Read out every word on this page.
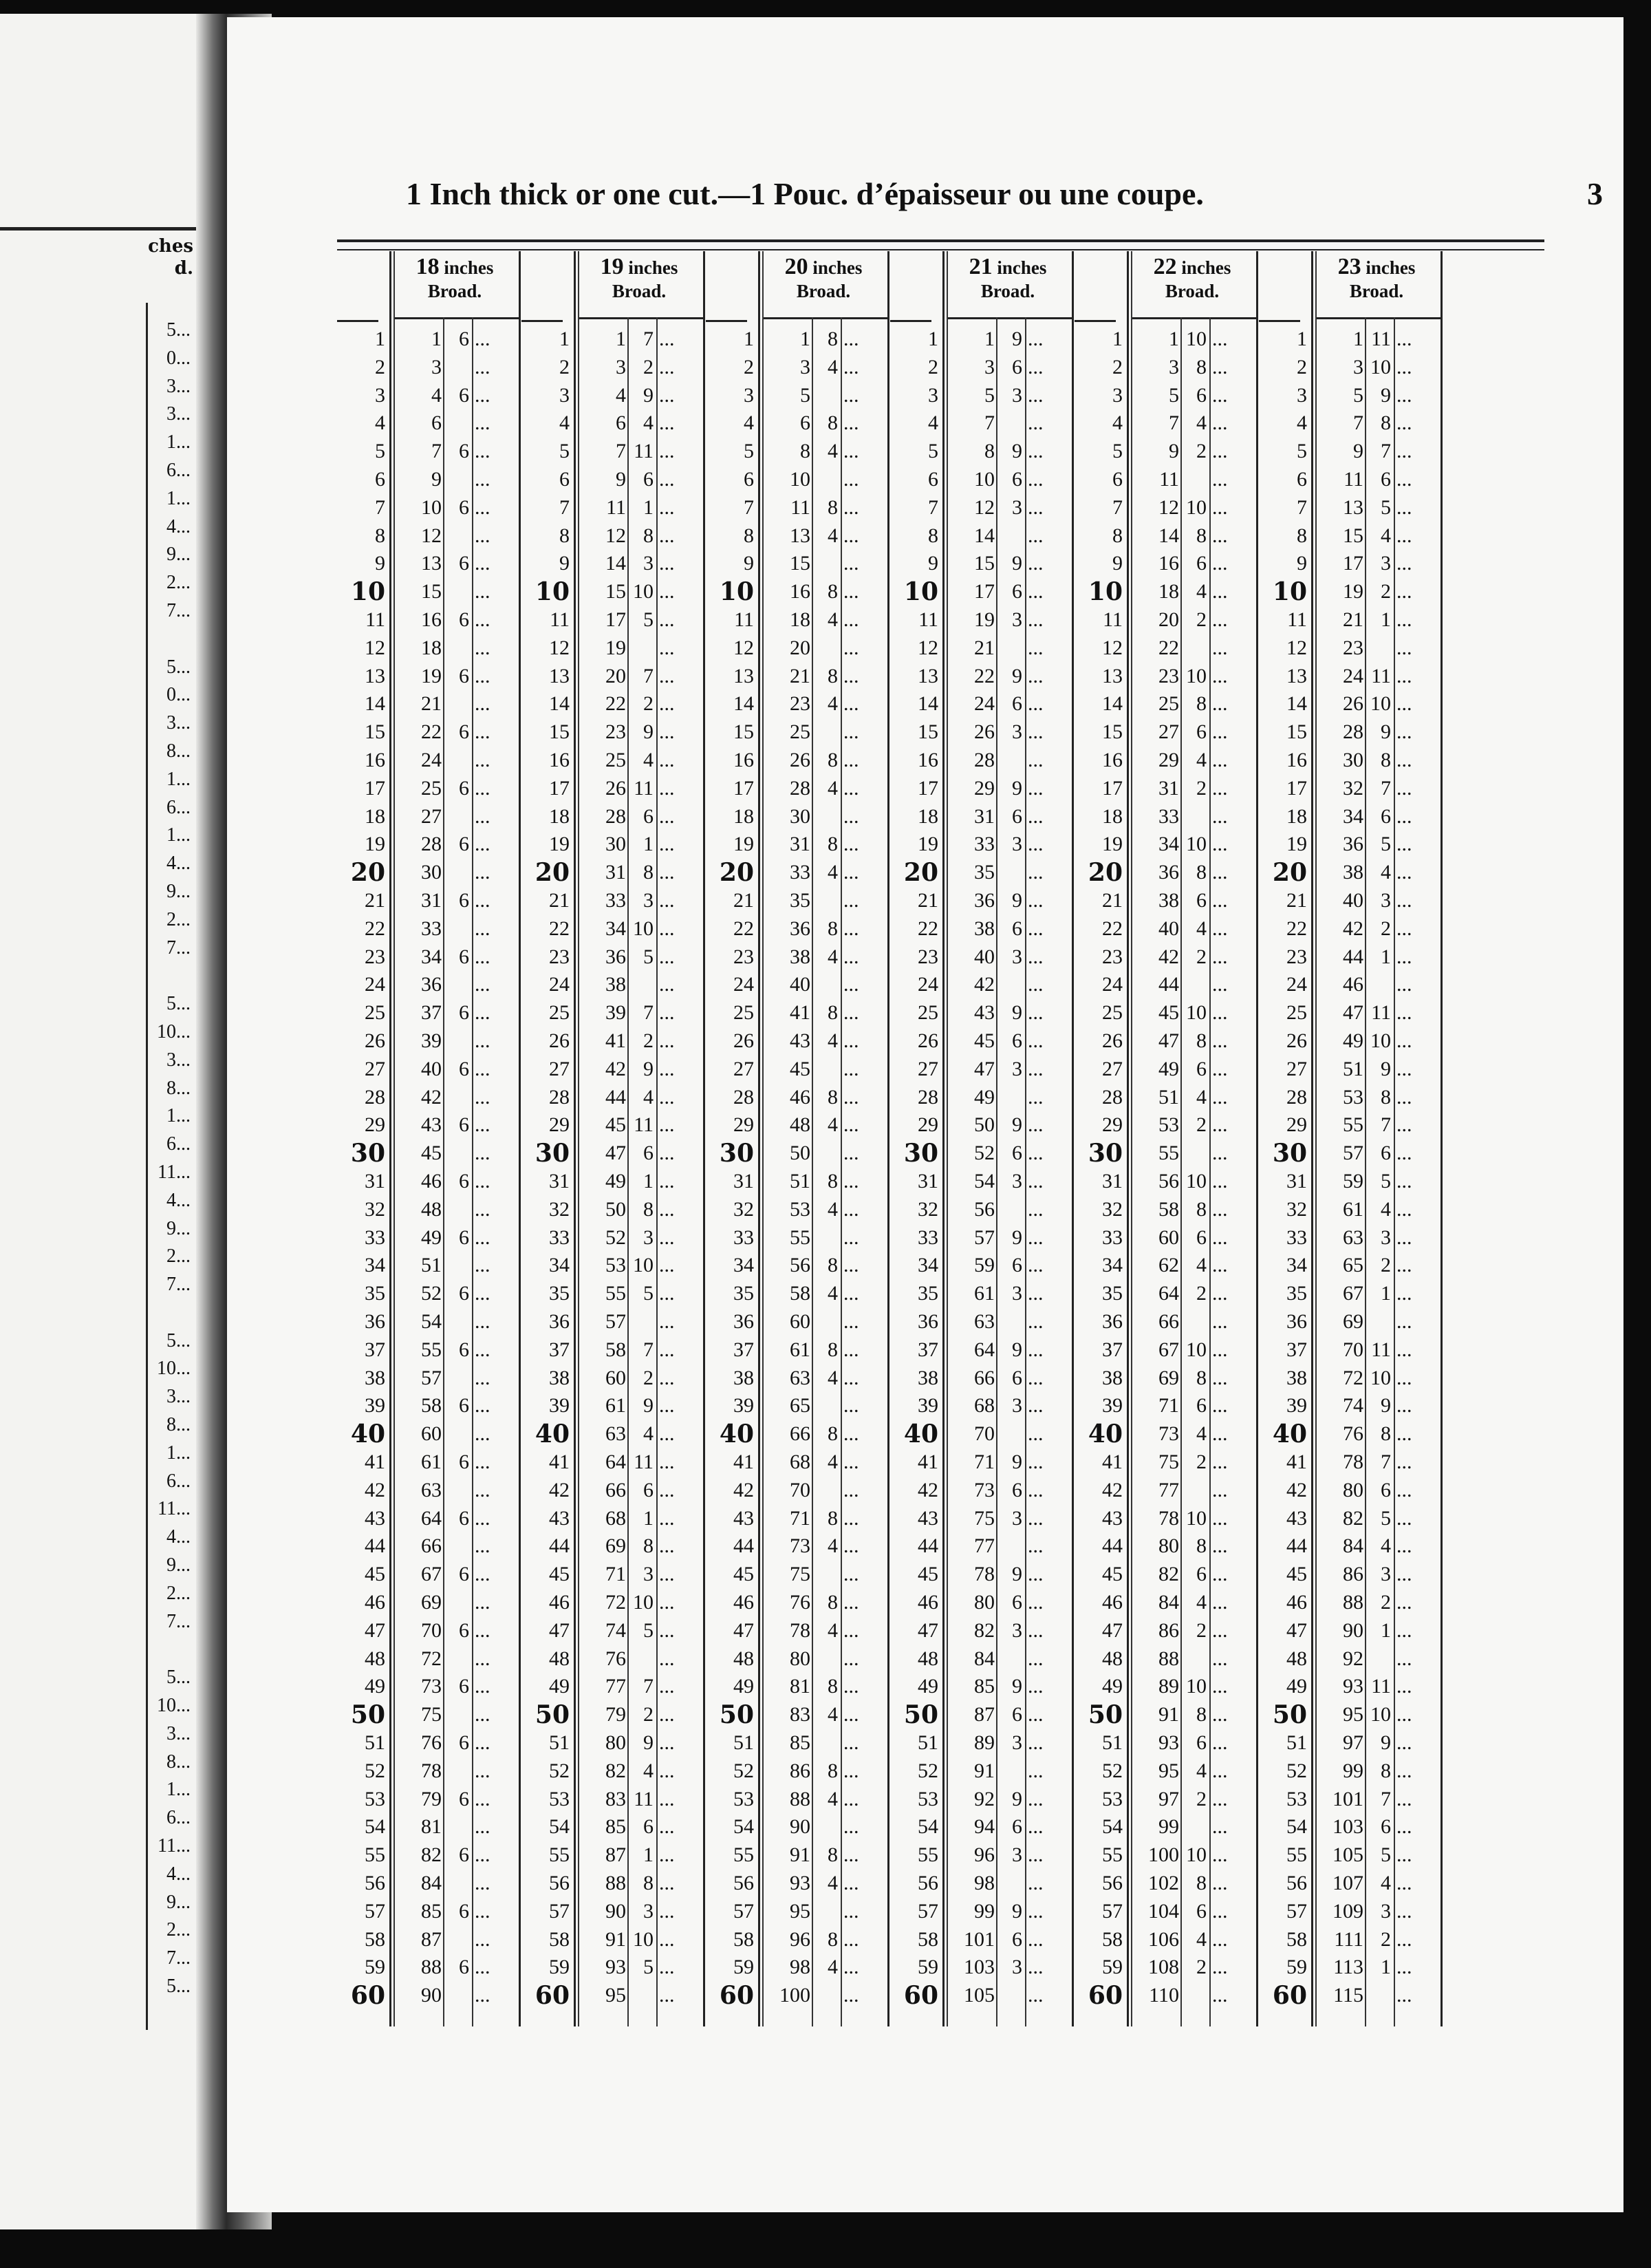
ches
d.
5...
0...
3...
3...
1...
6...
1...
4...
9...
2...
7...
5...
0...
3...
8...
1...
6...
1...
4...
9...
2...
7...
5...
10...
3...
8...
1...
6...
11...
4...
9...
2...
7...
5...
10...
3...
8...
1...
6...
11...
4...
9...
2...
7...
5...
10...
3...
8...
1...
6...
11...
4...
9...
2...
7...
5...
1 Inch thick or one cut.—1 Pouc. d’épaisseur ou une coupe.	3
1
2
3
4
5
6
7
8
9
10
11
12
13
14
15
16
17
18
19
20
21
22
23
24
25
26
27
28
29
30
31
32
33
34
35
36
37
38
39
40
41
42
43
44
45
46
47
48
49
50
51
52
53
54
55
56
57
58
59
60
18 inches
Broad.
1 6 ...
3 ...
4 6 ...
6 ...
7 6 ...
9 ...
10 6 ...
12 ...
13 6 ...
15 ...
16 6 ...
18 ...
19 6 ...
21 ...
22 6 ...
24 ...
25 6 ...
27 ...
28 6 ...
30 ...
31 6 ...
33 ...
34 6 ...
36 ...
37 6 ...
39 ...
40 6 ...
42 ...
43 6 ...
45 ...
46 6 ...
48 ...
49 6 ...
51 ...
52 6 ...
54 ...
55 6 ...
57 ...
58 6 ...
60 ...
61 6 ...
63 ...
64 6 ...
66 ...
67 6 ...
69 ...
70 6 ...
72 ...
73 6 ...
75 ...
76 6 ...
78 ...
79 6 ...
81 ...
82 6 ...
84 ...
85 6 ...
87 ...
88 6 ...
90 ...
1
2
3
4
5
6
7
8
9
10
11
12
13
14
15
16
17
18
19
20
21
22
23
24
25
26
27
28
29
30
31
32
33
34
35
36
37
38
39
40
41
42
43
44
45
46
47
48
49
50
51
52
53
54
55
56
57
58
59
60
19 inches
Broad.
1 7 ...
3 2 ...
4 9 ...
6 4 ...
7 11 ...
9 6 ...
11 1 ...
12 8 ...
14 3 ...
15 10 ...
17 5 ...
19 ...
20 7 ...
22 2 ...
23 9 ...
25 4 ...
26 11 ...
28 6 ...
30 1 ...
31 8 ...
33 3 ...
34 10 ...
36 5 ...
38 ...
39 7 ...
41 2 ...
42 9 ...
44 4 ...
45 11 ...
47 6 ...
49 1 ...
50 8 ...
52 3 ...
53 10 ...
55 5 ...
57 ...
58 7 ...
60 2 ...
61 9 ...
63 4 ...
64 11 ...
66 6 ...
68 1 ...
69 8 ...
71 3 ...
72 10 ...
74 5 ...
76 ...
77 7 ...
79 2 ...
80 9 ...
82 4 ...
83 11 ...
85 6 ...
87 1 ...
88 8 ...
90 3 ...
91 10 ...
93 5 ...
95 ...
1
2
3
4
5
6
7
8
9
10
11
12
13
14
15
16
17
18
19
20
21
22
23
24
25
26
27
28
29
30
31
32
33
34
35
36
37
38
39
40
41
42
43
44
45
46
47
48
49
50
51
52
53
54
55
56
57
58
59
60
20 inches
Broad.
1 8 ...
3 4 ...
5 ...
6 8 ...
8 4 ...
10 ...
11 8 ...
13 4 ...
15 ...
16 8 ...
18 4 ...
20 ...
21 8 ...
23 4 ...
25 ...
26 8 ...
28 4 ...
30 ...
31 8 ...
33 4 ...
35 ...
36 8 ...
38 4 ...
40 ...
41 8 ...
43 4 ...
45 ...
46 8 ...
48 4 ...
50 ...
51 8 ...
53 4 ...
55 ...
56 8 ...
58 4 ...
60 ...
61 8 ...
63 4 ...
65 ...
66 8 ...
68 4 ...
70 ...
71 8 ...
73 4 ...
75 ...
76 8 ...
78 4 ...
80 ...
81 8 ...
83 4 ...
85 ...
86 8 ...
88 4 ...
90 ...
91 8 ...
93 4 ...
95 ...
96 8 ...
98 4 ...
100 ...
1
2
3
4
5
6
7
8
9
10
11
12
13
14
15
16
17
18
19
20
21
22
23
24
25
26
27
28
29
30
31
32
33
34
35
36
37
38
39
40
41
42
43
44
45
46
47
48
49
50
51
52
53
54
55
56
57
58
59
60
21 inches
Broad.
1 9 ...
3 6 ...
5 3 ...
7 ...
8 9 ...
10 6 ...
12 3 ...
14 ...
15 9 ...
17 6 ...
19 3 ...
21 ...
22 9 ...
24 6 ...
26 3 ...
28 ...
29 9 ...
31 6 ...
33 3 ...
35 ...
36 9 ...
38 6 ...
40 3 ...
42 ...
43 9 ...
45 6 ...
47 3 ...
49 ...
50 9 ...
52 6 ...
54 3 ...
56 ...
57 9 ...
59 6 ...
61 3 ...
63 ...
64 9 ...
66 6 ...
68 3 ...
70 ...
71 9 ...
73 6 ...
75 3 ...
77 ...
78 9 ...
80 6 ...
82 3 ...
84 ...
85 9 ...
87 6 ...
89 3 ...
91 ...
92 9 ...
94 6 ...
96 3 ...
98 ...
99 9 ...
101 6 ...
103 3 ...
105 ...
1
2
3
4
5
6
7
8
9
10
11
12
13
14
15
16
17
18
19
20
21
22
23
24
25
26
27
28
29
30
31
32
33
34
35
36
37
38
39
40
41
42
43
44
45
46
47
48
49
50
51
52
53
54
55
56
57
58
59
60
22 inches
Broad.
1 10 ...
3 8 ...
5 6 ...
7 4 ...
9 2 ...
11 ...
12 10 ...
14 8 ...
16 6 ...
18 4 ...
20 2 ...
22 ...
23 10 ...
25 8 ...
27 6 ...
29 4 ...
31 2 ...
33 ...
34 10 ...
36 8 ...
38 6 ...
40 4 ...
42 2 ...
44 ...
45 10 ...
47 8 ...
49 6 ...
51 4 ...
53 2 ...
55 ...
56 10 ...
58 8 ...
60 6 ...
62 4 ...
64 2 ...
66 ...
67 10 ...
69 8 ...
71 6 ...
73 4 ...
75 2 ...
77 ...
78 10 ...
80 8 ...
82 6 ...
84 4 ...
86 2 ...
88 ...
89 10 ...
91 8 ...
93 6 ...
95 4 ...
97 2 ...
99 ...
100 10 ...
102 8 ...
104 6 ...
106 4 ...
108 2 ...
110 ...
1
2
3
4
5
6
7
8
9
10
11
12
13
14
15
16
17
18
19
20
21
22
23
24
25
26
27
28
29
30
31
32
33
34
35
36
37
38
39
40
41
42
43
44
45
46
47
48
49
50
51
52
53
54
55
56
57
58
59
60
23 inches
Broad.
1 11 ...
3 10 ...
5 9 ...
7 8 ...
9 7 ...
11 6 ...
13 5 ...
15 4 ...
17 3 ...
19 2 ...
21 1 ...
23 ...
24 11 ...
26 10 ...
28 9 ...
30 8 ...
32 7 ...
34 6 ...
36 5 ...
38 4 ...
40 3 ...
42 2 ...
44 1 ...
46 ...
47 11 ...
49 10 ...
51 9 ...
53 8 ...
55 7 ...
57 6 ...
59 5 ...
61 4 ...
63 3 ...
65 2 ...
67 1 ...
69 ...
70 11 ...
72 10 ...
74 9 ...
76 8 ...
78 7 ...
80 6 ...
82 5 ...
84 4 ...
86 3 ...
88 2 ...
90 1 ...
92 ...
93 11 ...
95 10 ...
97 9 ...
99 8 ...
101 7 ...
103 6 ...
105 5 ...
107 4 ...
109 3 ...
111 2 ...
113 1 ...
115 ...
